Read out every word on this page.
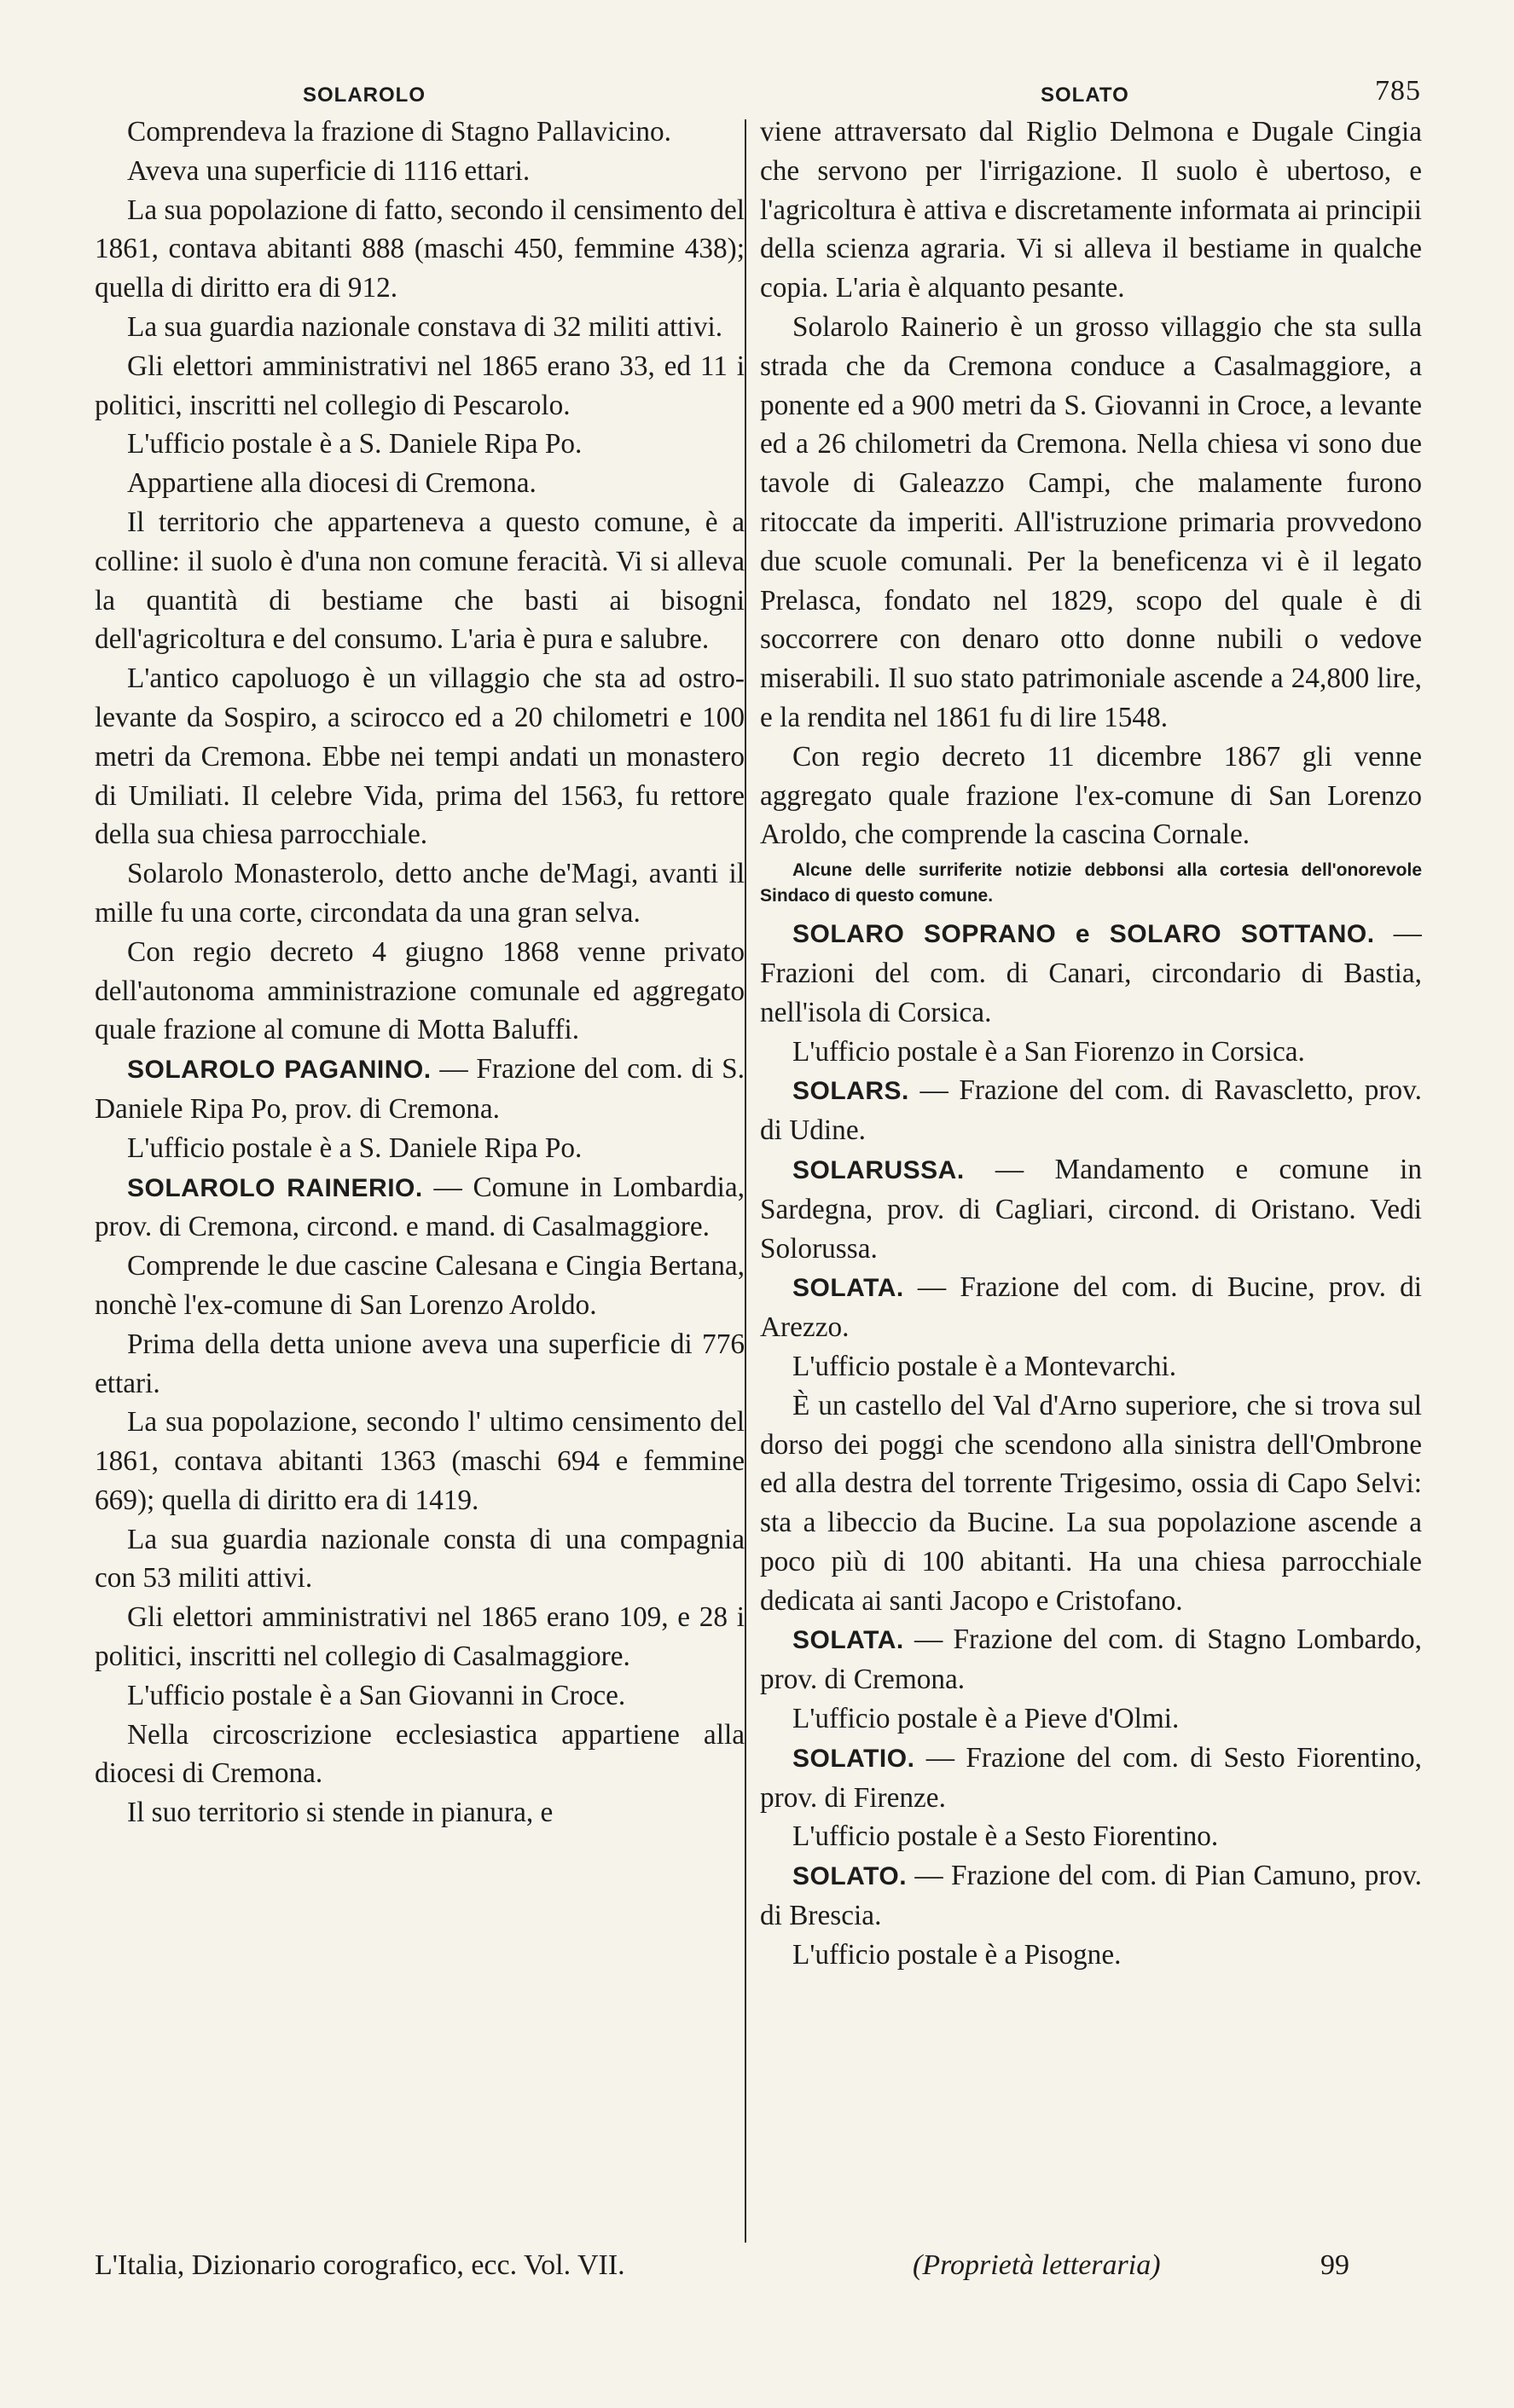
SOLAROLO	SOLATO	785

Comprendeva la frazione di Stagno Pallavicino.

Aveva una superficie di 1116 ettari.

La sua popolazione di fatto, secondo il censimento del 1861, contava abitanti 888 (maschi 450, femmine 438); quella di diritto era di 912.

La sua guardia nazionale constava di 32 militi attivi.

Gli elettori amministrativi nel 1865 erano 33, ed 11 i politici, inscritti nel collegio di Pescarolo.

L'ufficio postale è a S. Daniele Ripa Po.

Appartiene alla diocesi di Cremona.

Il territorio che apparteneva a questo comune, è a colline: il suolo è d'una non comune feracità. Vi si alleva la quantità di bestiame che basti ai bisogni dell'agricoltura e del consumo. L'aria è pura e salubre.

L'antico capoluogo è un villaggio che sta ad ostro-levante da Sospiro, a scirocco ed a 20 chilometri e 100 metri da Cremona. Ebbe nei tempi andati un monastero di Umiliati. Il celebre Vida, prima del 1563, fu rettore della sua chiesa parrocchiale.

Solarolo Monasterolo, detto anche de'Magi, avanti il mille fu una corte, circondata da una gran selva.

Con regio decreto 4 giugno 1868 venne privato dell'autonoma amministrazione comunale ed aggregato quale frazione al comune di Motta Baluffi.

SOLAROLO PAGANINO. — Frazione del com. di S. Daniele Ripa Po, prov. di Cremona.

L'ufficio postale è a S. Daniele Ripa Po.

SOLAROLO RAINERIO. — Comune in Lombardia, prov. di Cremona, circond. e mand. di Casalmaggiore.

Comprende le due cascine Calesana e Cingia Bertana, nonchè l'ex-comune di San Lorenzo Aroldo.

Prima della detta unione aveva una superficie di 776 ettari.

La sua popolazione, secondo l' ultimo censimento del 1861, contava abitanti 1363 (maschi 694 e femmine 669); quella di diritto era di 1419.

La sua guardia nazionale consta di una compagnia con 53 militi attivi.

Gli elettori amministrativi nel 1865 erano 109, e 28 i politici, inscritti nel collegio di Casalmaggiore.

L'ufficio postale è a San Giovanni in Croce.

Nella circoscrizione ecclesiastica appartiene alla diocesi di Cremona.

Il suo territorio si stende in pianura, e

viene attraversato dal Riglio Delmona e Dugale Cingia che servono per l'irrigazione. Il suolo è ubertoso, e l'agricoltura è attiva e discretamente informata ai principii della scienza agraria. Vi si alleva il bestiame in qualche copia. L'aria è alquanto pesante.

Solarolo Rainerio è un grosso villaggio che sta sulla strada che da Cremona conduce a Casalmaggiore, a ponente ed a 900 metri da S. Giovanni in Croce, a levante ed a 26 chilometri da Cremona. Nella chiesa vi sono due tavole di Galeazzo Campi, che malamente furono ritoccate da imperiti. All'istruzione primaria provvedono due scuole comunali. Per la beneficenza vi è il legato Prelasca, fondato nel 1829, scopo del quale è di soccorrere con denaro otto donne nubili o vedove miserabili. Il suo stato patrimoniale ascende a 24,800 lire, e la rendita nel 1861 fu di lire 1548.

Con regio decreto 11 dicembre 1867 gli venne aggregato quale frazione l'ex-comune di San Lorenzo Aroldo, che comprende la cascina Cornale.

Alcune delle surriferite notizie debbonsi alla cortesia dell'onorevole Sindaco di questo comune.

SOLARO SOPRANO e SOLARO SOTTANO. — Frazioni del com. di Canari, circondario di Bastia, nell'isola di Corsica.

L'ufficio postale è a San Fiorenzo in Corsica.

SOLARS. — Frazione del com. di Ravascletto, prov. di Udine.

SOLARUSSA. — Mandamento e comune in Sardegna, prov. di Cagliari, circond. di Oristano. Vedi Solorussa.

SOLATA. — Frazione del com. di Bucine, prov. di Arezzo.

L'ufficio postale è a Montevarchi.

È un castello del Val d'Arno superiore, che si trova sul dorso dei poggi che scendono alla sinistra dell'Ombrone ed alla destra del torrente Trigesimo, ossia di Capo Selvi: sta a libeccio da Bucine. La sua popolazione ascende a poco più di 100 abitanti. Ha una chiesa parrocchiale dedicata ai santi Jacopo e Cristofano.

SOLATA. — Frazione del com. di Stagno Lombardo, prov. di Cremona.

L'ufficio postale è a Pieve d'Olmi.

SOLATIO. — Frazione del com. di Sesto Fiorentino, prov. di Firenze.

L'ufficio postale è a Sesto Fiorentino.

SOLATO. — Frazione del com. di Pian Camuno, prov. di Brescia.

L'ufficio postale è a Pisogne.

L'Italia, Dizionario corografico, ecc. Vol. VII.	(Proprietà letteraria)	99
